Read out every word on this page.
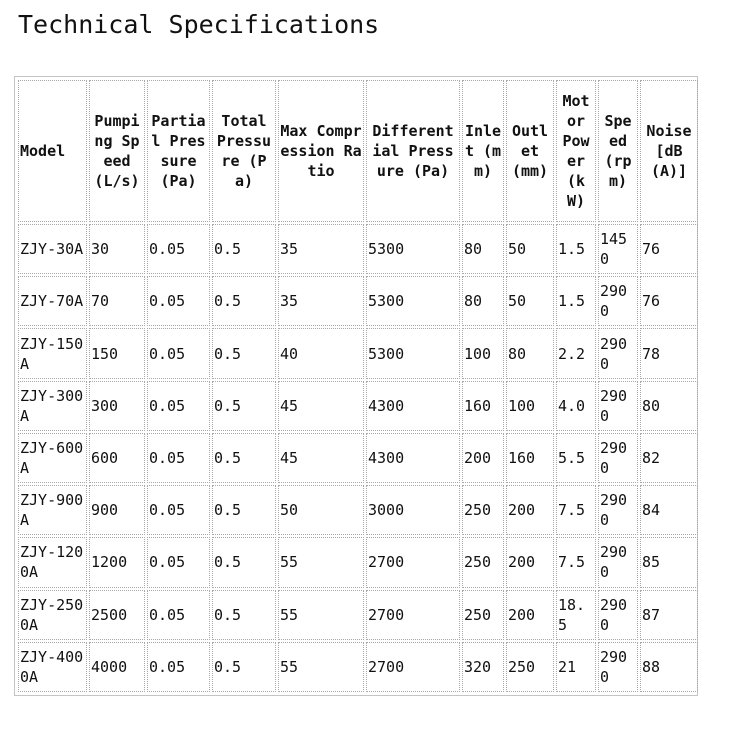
Technical Specifications
Model	Pumping Speed (L/s)	Partial Pressure (Pa)	Total Pressure (Pa)	Max Compression Ratio	Differential Pressure (Pa)	Inlet (mm)	Outlet (mm)	Motor Power (kW)	Speed (rpm)	Noise [dB(A)]
ZJY-30A	30	0.05	0.5	35	5300	80	50	1.5	1450	76
ZJY-70A	70	0.05	0.5	35	5300	80	50	1.5	2900	76
ZJY-150A	150	0.05	0.5	40	5300	100	80	2.2	2900	78
ZJY-300A	300	0.05	0.5	45	4300	160	100	4.0	2900	80
ZJY-600A	600	0.05	0.5	45	4300	200	160	5.5	2900	82
ZJY-900A	900	0.05	0.5	50	3000	250	200	7.5	2900	84
ZJY-1200A	1200	0.05	0.5	55	2700	250	200	7.5	2900	85
ZJY-2500A	2500	0.05	0.5	55	2700	250	200	18.5	2900	87
ZJY-4000A	4000	0.05	0.5	55	2700	320	250	21	2900	88
